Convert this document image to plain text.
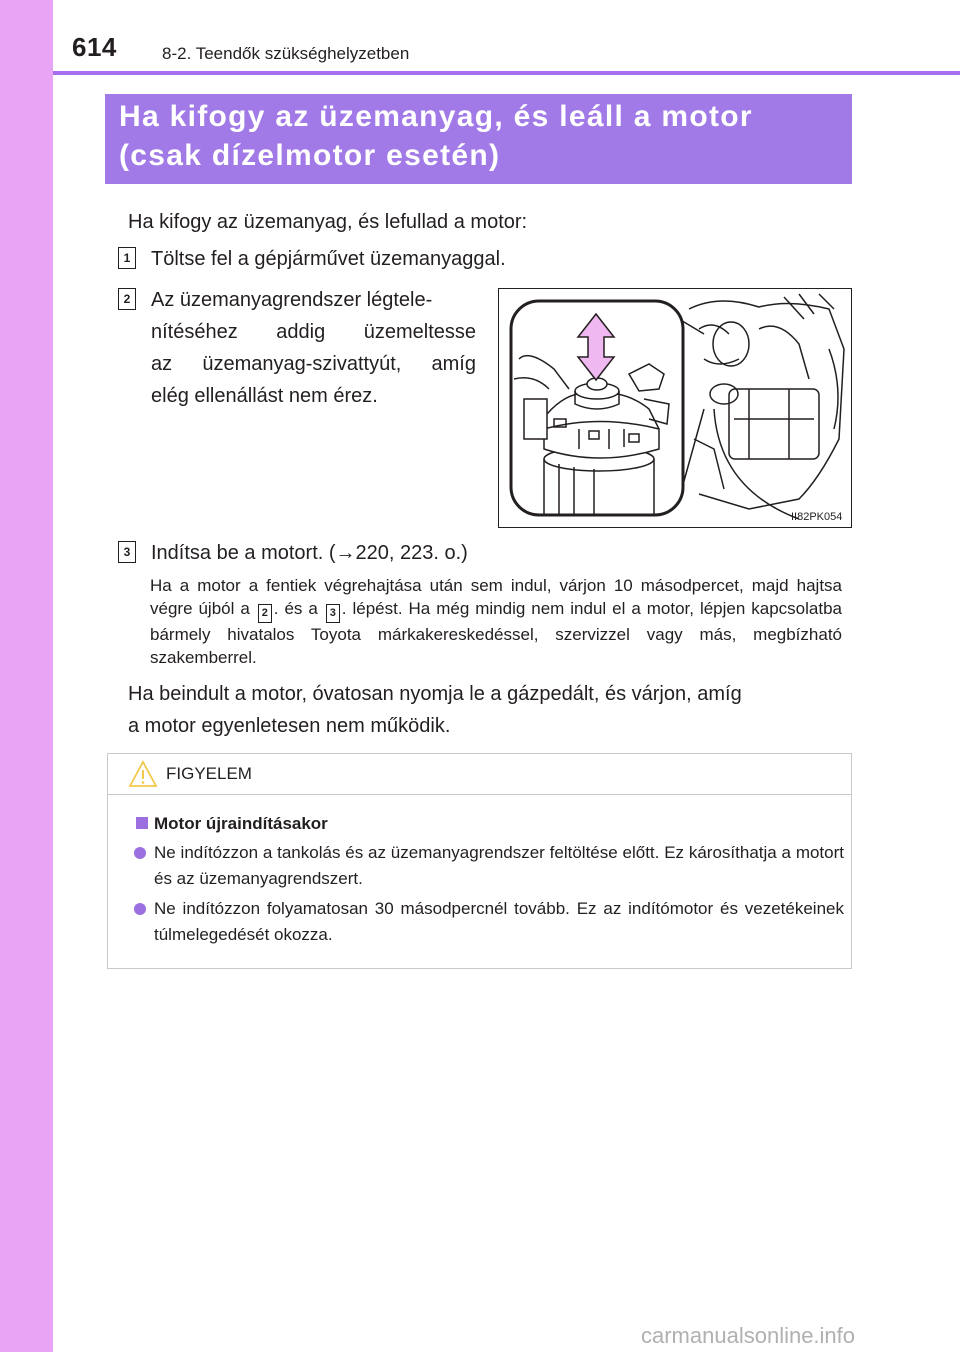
614	8-2. Teendők szükséghelyzetben
Ha kifogy az üzemanyag, és leáll a motor
(csak dízelmotor esetén)
Ha kifogy az üzemanyag, és lefullad a motor:
1 Töltse fel a gépjárművet üzemanyaggal.
2 Az üzemanyagrendszer légtele-
nítéséhez addig üzemeltesse
az üzemanyag-szivattyút, amíg
elég ellenállást nem érez.
II82PK054
3 Indítsa be a motort. (→220, 223. o.)
Ha a motor a fentiek végrehajtása után sem indul, várjon 10 másodpercet, majd hajtsa végre újból a 2 . és a 3 . lépést. Ha még mindig nem indul el a motor, lépjen kapcsolatba bármely hivatalos Toyota márkakereskedéssel, szervizzel vagy más, megbízható szakemberrel.
Ha beindult a motor, óvatosan nyomja le a gázpedált, és várjon, amíg
a motor egyenletesen nem működik.
FIGYELEM
Motor újraindításakor
Ne indítózzon a tankolás és az üzemanyagrendszer feltöltése előtt. Ez károsíthatja a motort és az üzemanyagrendszert.
Ne indítózzon folyamatosan 30 másodpercnél tovább. Ez az indítómotor és vezetékeinek túlmelegedését okozza.
carmanualsonline.info
